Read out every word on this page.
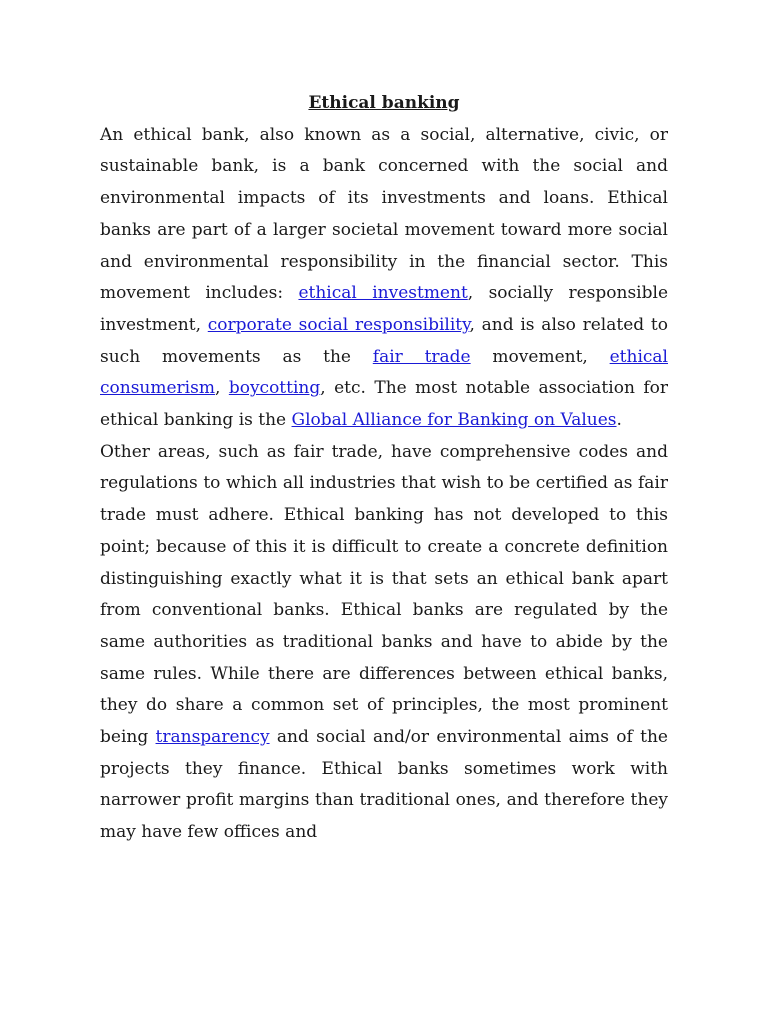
Ethical banking

An ethical bank, also known as a social, alternative, civic, or sustainable bank, is a bank concerned with the social and environmental impacts of its investments and loans. Ethical banks are part of a larger societal movement toward more social and environmental responsibility in the financial sector. This movement includes: ethical investment, socially responsible investment, corporate social responsibility, and is also related to such movements as the fair trade movement, ethical consumerism, boycotting, etc. The most notable association for ethical banking is the Global Alliance for Banking on Values.

Other areas, such as fair trade, have comprehensive codes and regulations to which all industries that wish to be certified as fair trade must adhere. Ethical banking has not developed to this point; because of this it is difficult to create a concrete definition distinguishing exactly what it is that sets an ethical bank apart from conventional banks. Ethical banks are regulated by the same authorities as traditional banks and have to abide by the same rules. While there are differences between ethical banks, they do share a common set of principles, the most prominent being transparency and social and/or environmental aims of the projects they finance. Ethical banks sometimes work with narrower profit margins than traditional ones, and therefore they may have few offices and
